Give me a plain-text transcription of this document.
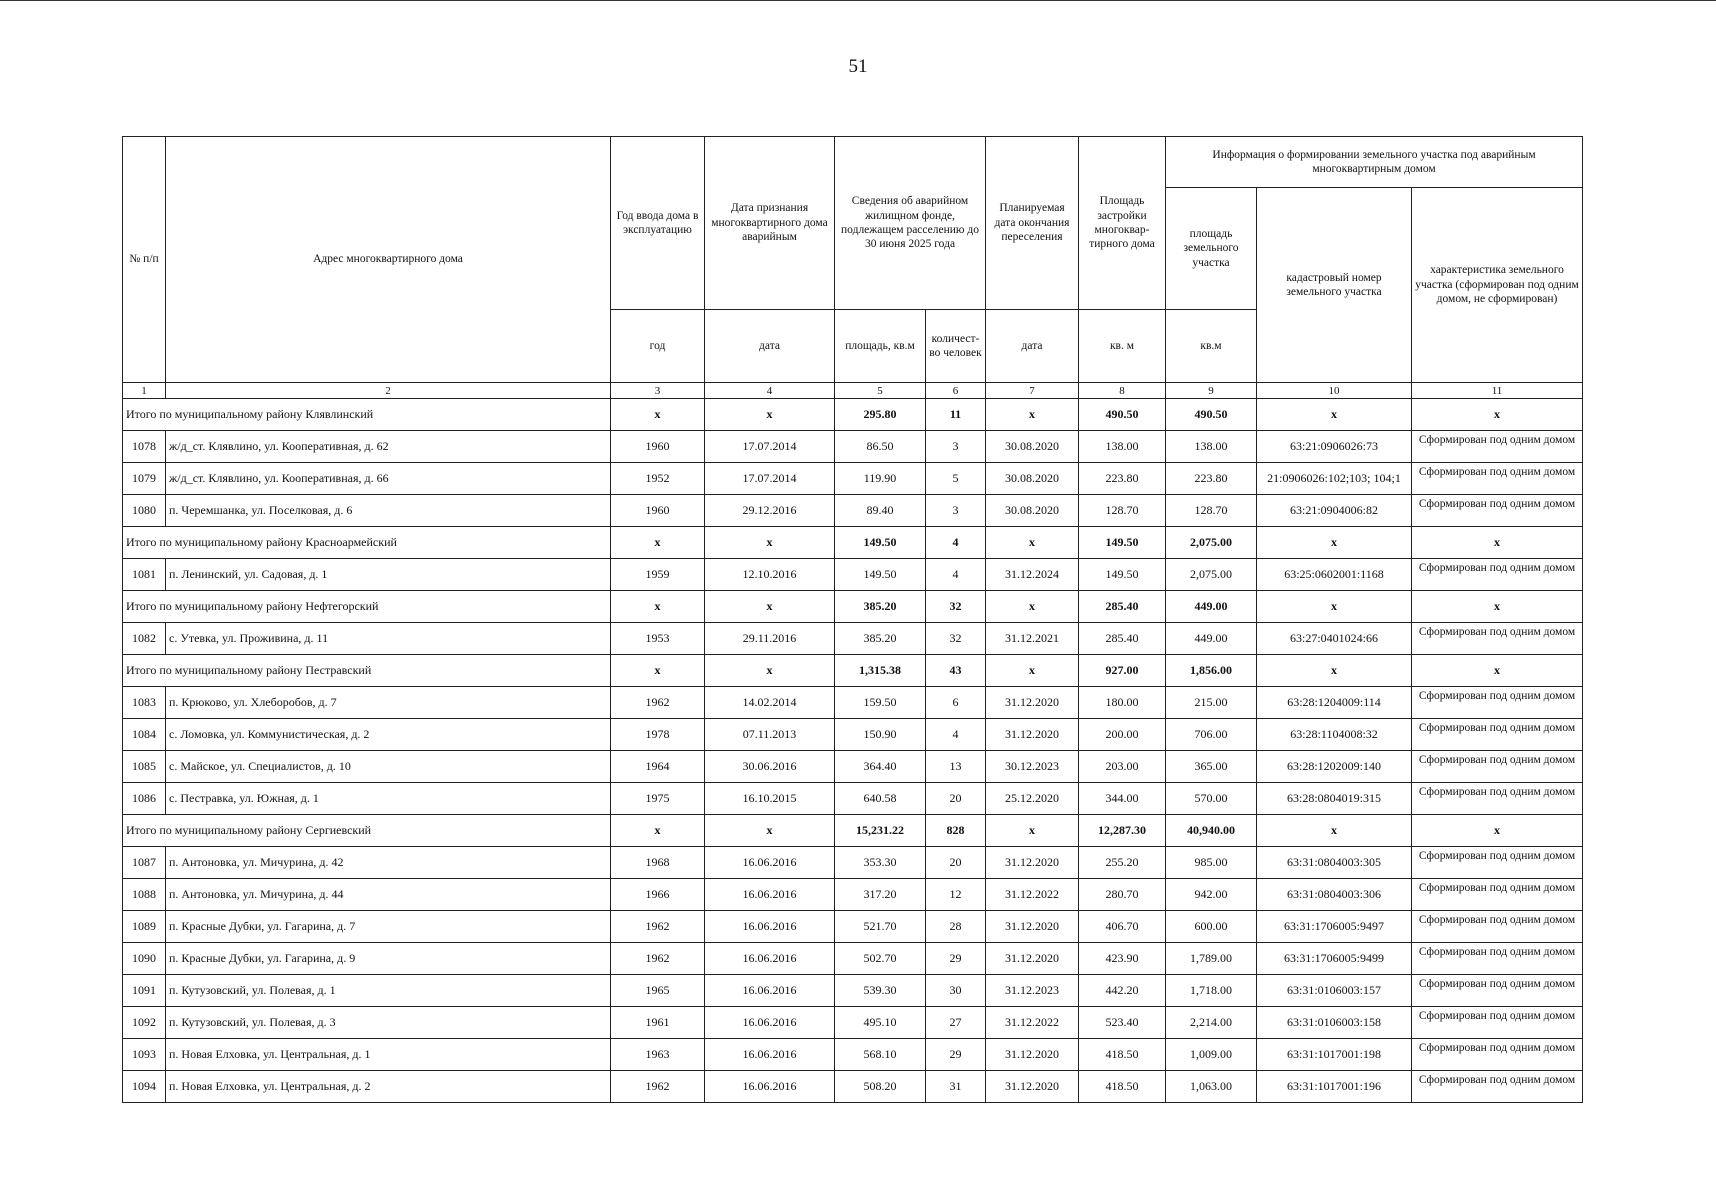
51
№ п/п	Адрес многоквартирного дома	Год ввода дома в эксплуатацию	Дата признания многоквартирного дома аварийным	Сведения об аварийном жилищном фонде, подлежащем расселению до 30 июня 2025 года		Планируемая дата окончания переселения	Площадь застройки многоквар-тирного дома	Информация о формировании земельного участка под аварийным многоквартирным домом		
								площадь земельного участка	кадастровый номер земельного участка	характеристика земельного участка (сформирован под одним домом, не сформирован)
		год	дата	площадь, кв.м	количест-во человек	дата	кв. м	кв.м		
1	2	3	4	5	6	7	8	9	10	11
Итого по муниципальному району Клявлинский		х	х	295.80	11	х	490.50	490.50	х	х
1078	ж/д_ст. Клявлино, ул. Кооперативная, д. 62	1960	17.07.2014	86.50	3	30.08.2020	138.00	138.00	63:21:0906026:73	Сформирован под одним домом

1079	ж/д_ст. Клявлино, ул. Кооперативная, д. 66	1952	17.07.2014	119.90	5	30.08.2020	223.80	223.80	21:0906026:102;103; 104;1	Сформирован под одним домом

1080	п. Черемшанка, ул. Поселковая, д. 6	1960	29.12.2016	89.40	3	30.08.2020	128.70	128.70	63:21:0904006:82	Сформирован под одним домом

Итого по муниципальному району Красноармейский		х	х	149.50	4	х	149.50	2,075.00	х	х
1081	п. Ленинский, ул. Садовая, д. 1	1959	12.10.2016	149.50	4	31.12.2024	149.50	2,075.00	63:25:0602001:1168	Сформирован под одним домом

Итого по муниципальному району Нефтегорский		х	х	385.20	32	х	285.40	449.00	х	х
1082	с. Утевка, ул. Проживина, д. 11	1953	29.11.2016	385.20	32	31.12.2021	285.40	449.00	63:27:0401024:66	Сформирован под одним домом

Итого по муниципальному району Пестравский		х	х	1,315.38	43	х	927.00	1,856.00	х	х
1083	п. Крюково, ул. Хлеборобов, д. 7	1962	14.02.2014	159.50	6	31.12.2020	180.00	215.00	63:28:1204009:114	Сформирован под одним домом

1084	с. Ломовка, ул. Коммунистическая, д. 2	1978	07.11.2013	150.90	4	31.12.2020	200.00	706.00	63:28:1104008:32	Сформирован под одним домом

1085	с. Майское, ул. Специалистов, д. 10	1964	30.06.2016	364.40	13	30.12.2023	203.00	365.00	63:28:1202009:140	Сформирован под одним домом

1086	с. Пестравка, ул. Южная, д. 1	1975	16.10.2015	640.58	20	25.12.2020	344.00	570.00	63:28:0804019:315	Сформирован под одним домом

Итого по муниципальному району Сергиевский		х	х	15,231.22	828	х	12,287.30	40,940.00	х	х
1087	п. Антоновка, ул. Мичурина, д. 42	1968	16.06.2016	353.30	20	31.12.2020	255.20	985.00	63:31:0804003:305	Сформирован под одним домом

1088	п. Антоновка, ул. Мичурина, д. 44	1966	16.06.2016	317.20	12	31.12.2022	280.70	942.00	63:31:0804003:306	Сформирован под одним домом

1089	п. Красные Дубки, ул. Гагарина, д. 7	1962	16.06.2016	521.70	28	31.12.2020	406.70	600.00	63:31:1706005:9497	Сформирован под одним домом

1090	п. Красные Дубки, ул. Гагарина, д. 9	1962	16.06.2016	502.70	29	31.12.2020	423.90	1,789.00	63:31:1706005:9499	Сформирован под одним домом

1091	п. Кутузовский, ул. Полевая, д. 1	1965	16.06.2016	539.30	30	31.12.2023	442.20	1,718.00	63:31:0106003:157	Сформирован под одним домом

1092	п. Кутузовский, ул. Полевая, д. 3	1961	16.06.2016	495.10	27	31.12.2022	523.40	2,214.00	63:31:0106003:158	Сформирован под одним домом

1093	п. Новая Елховка, ул. Центральная, д. 1	1963	16.06.2016	568.10	29	31.12.2020	418.50	1,009.00	63:31:1017001:198	Сформирован под одним домом

1094	п. Новая Елховка, ул. Центральная, д. 2	1962	16.06.2016	508.20	31	31.12.2020	418.50	1,063.00	63:31:1017001:196	Сформирован под одним домом
